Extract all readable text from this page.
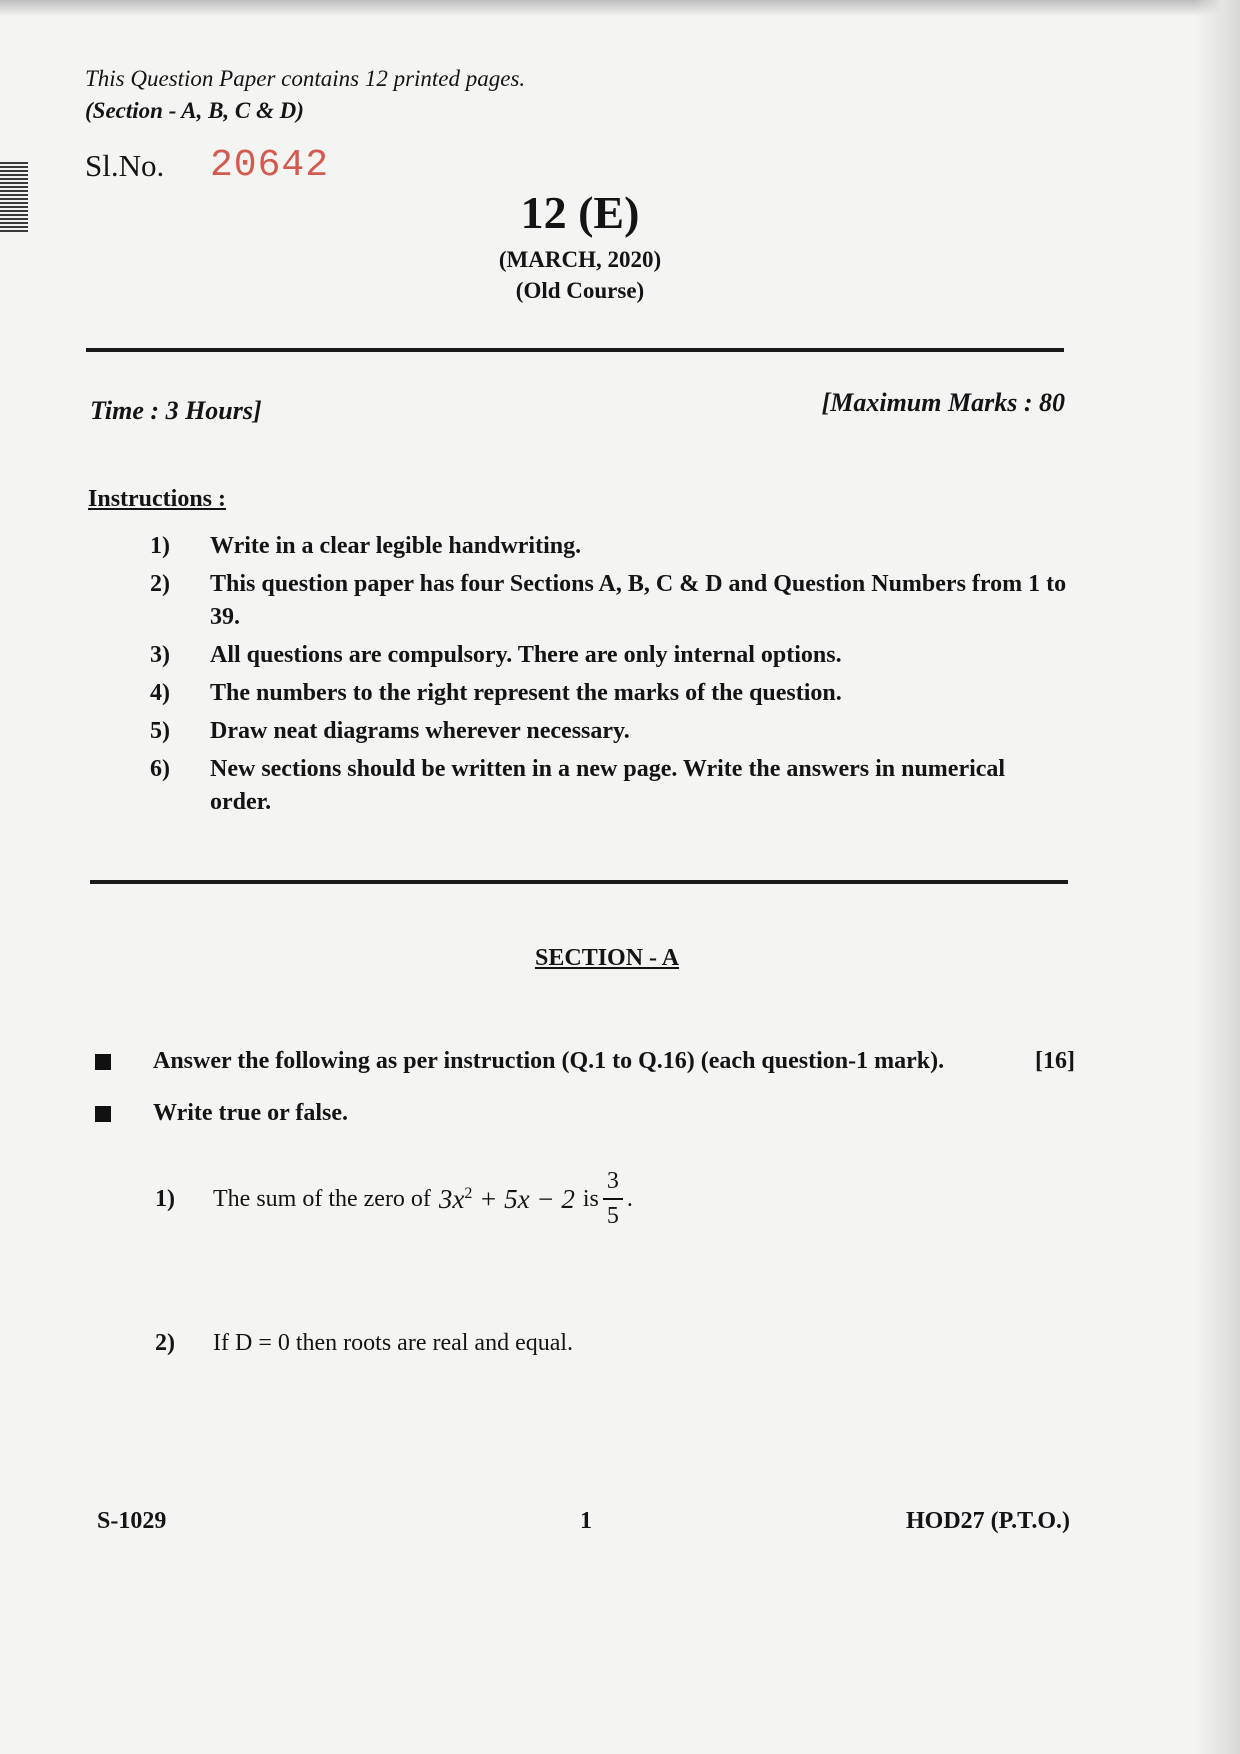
This Question Paper contains 12 printed pages.
(Section - A, B, C & D)
Sl.No. 20642
12 (E)
(MARCH, 2020)
(Old Course)
Time : 3 Hours]	[Maximum Marks : 80
Instructions :
1)	Write in a clear legible handwriting.
2)	This question paper has four Sections A, B, C & D and Question Numbers from 1 to 39.
3)	All questions are compulsory. There are only internal options.
4)	The numbers to the right represent the marks of the question.
5)	Draw neat diagrams wherever necessary.
6)	New sections should be written in a new page. Write the answers in numerical order.
SECTION - A
Answer the following as per instruction (Q.1 to Q.16) (each question-1 mark).	[16]
Write true or false.
1)	The sum of the zero of $3x^2 + 5x - 2$ is $\frac{3}{5}$ .
2)	If D = 0 then roots are real and equal.
S-1029	1	HOD27 (P.T.O.)
